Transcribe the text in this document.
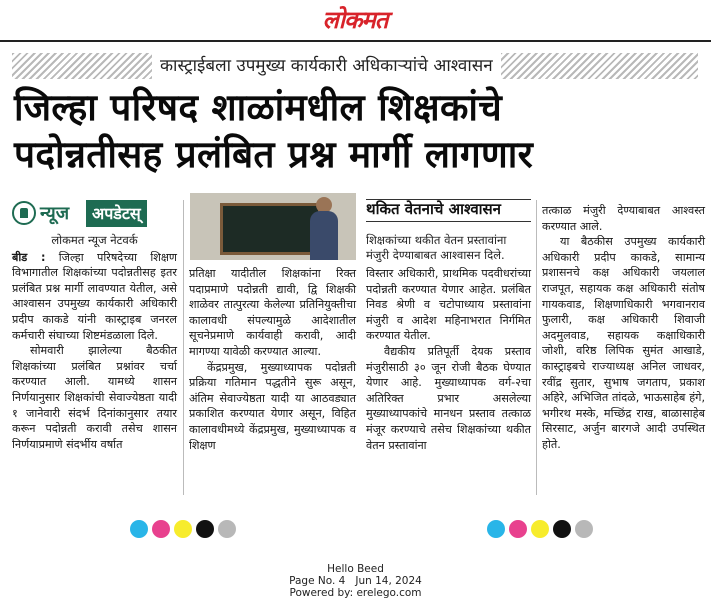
लोकमत
कास्ट्राईबला उपमुख्य कार्यकारी अधिकाऱ्यांचे आश्वासन
जिल्हा परिषद शाळांमधील शिक्षकांचे
पदोन्नतीसह प्रलंबित प्रश्न मार्गी लागणार
न्यूज	अपडेटस्

लोकमत न्यूज नेटवर्क

बीड : जिल्हा परिषदेच्या शिक्षण विभागातील शिक्षकांच्या पदोन्नतीसह इतर प्रलंबित प्रश्न मार्गी लावण्यात येतील, असे आश्वासन उपमुख्य कार्यकारी अधिकारी प्रदीप काकडे यांनी कास्ट्राइब जनरल कर्मचारी संघाच्या शिष्टमंडळाला दिले.

सोमवारी झालेल्या बैठकीत शिक्षकांच्या प्रलंबित प्रश्नांवर चर्चा करण्यात आली. यामध्ये शासन निर्णयानुसार शिक्षकांची सेवाज्येष्ठता यादी १ जानेवारी संदर्भ दिनांकानुसार तयार करून पदोन्नती करावी तसेच शासन निर्णयाप्रमाणे संदर्भीय वर्षात

प्रतिक्षा यादीतील शिक्षकांना रिक्त पदाप्रमाणे पदोन्नती द्यावी, द्वि शिक्षकी शाळेवर तात्पुरत्या केलेल्या प्रतिनियुक्तीचा कालावधी संपल्यामुळे आदेशातील सूचनेप्रमाणे कार्यवाही करावी, आदी मागण्या यावेळी करण्यात आल्या.

केंद्रप्रमुख, मुख्याध्यापक पदोन्नती प्रक्रिया गतिमान पद्धतीने सुरू असून, अंतिम सेवाज्येष्ठता यादी या आठवड्यात प्रकाशित करण्यात येणार असून, विहित कालावधीमध्ये केंद्रप्रमुख, मुख्याध्यापक व शिक्षण

थकित वेतनाचे आश्वासन
शिक्षकांच्या थकीत वेतन प्रस्तावांना मंजुरी देण्याबाबत आश्वासन दिले.

विस्तार अधिकारी, प्राथमिक पदवीधरांच्या पदोन्नती करण्यात येणार आहेत. प्रलंबित निवड श्रेणी व चटोपाध्याय प्रस्तावांना मंजुरी व आदेश महिनाभरात निर्गमित करण्यात येतील.

वैद्यकीय प्रतिपूर्ती देयक प्रस्ताव मंजुरीसाठी ३० जून रोजी बैठक घेण्यात येणार आहे. मुख्याध्यापक वर्ग-२चा अतिरिक्त प्रभार असलेल्या मुख्याध्यापकांचे मानधन प्रस्ताव तत्काळ मंजूर करण्याचे तसेच शिक्षकांच्या थकीत वेतन प्रस्तावांना

तत्काळ मंजुरी देण्याबाबत आश्वस्त करण्यात आले.

या बैठकीस उपमुख्य कार्यकारी अधिकारी प्रदीप काकडे, सामान्य प्रशासनचे कक्ष अधिकारी जयलाल राजपूत, सहायक कक्ष अधिकारी संतोष गायकवाड, शिक्षणाधिकारी भगवानराव फुलारी, कक्ष अधिकारी शिवाजी अदमुलवाड, सहायक कक्षाधिकारी जोशी, वरिष्ठ लिपिक सुमंत आखाडे, कास्ट्राइबचे राज्याध्यक्ष अनिल जाधवर, रवींद्र सुतार, सुभाष जगताप, प्रकाश अहिरे, अभिजित तांदळे, भाऊसाहेब हंगे, भगीरथ मस्के, मच्छिंद्र राख, बाळासाहेब सिरसाट, अर्जुन बारगजे आदी उपस्थित होते.

Hello Beed
Page No. 4   Jun 14, 2024
Powered by: erelego.com
